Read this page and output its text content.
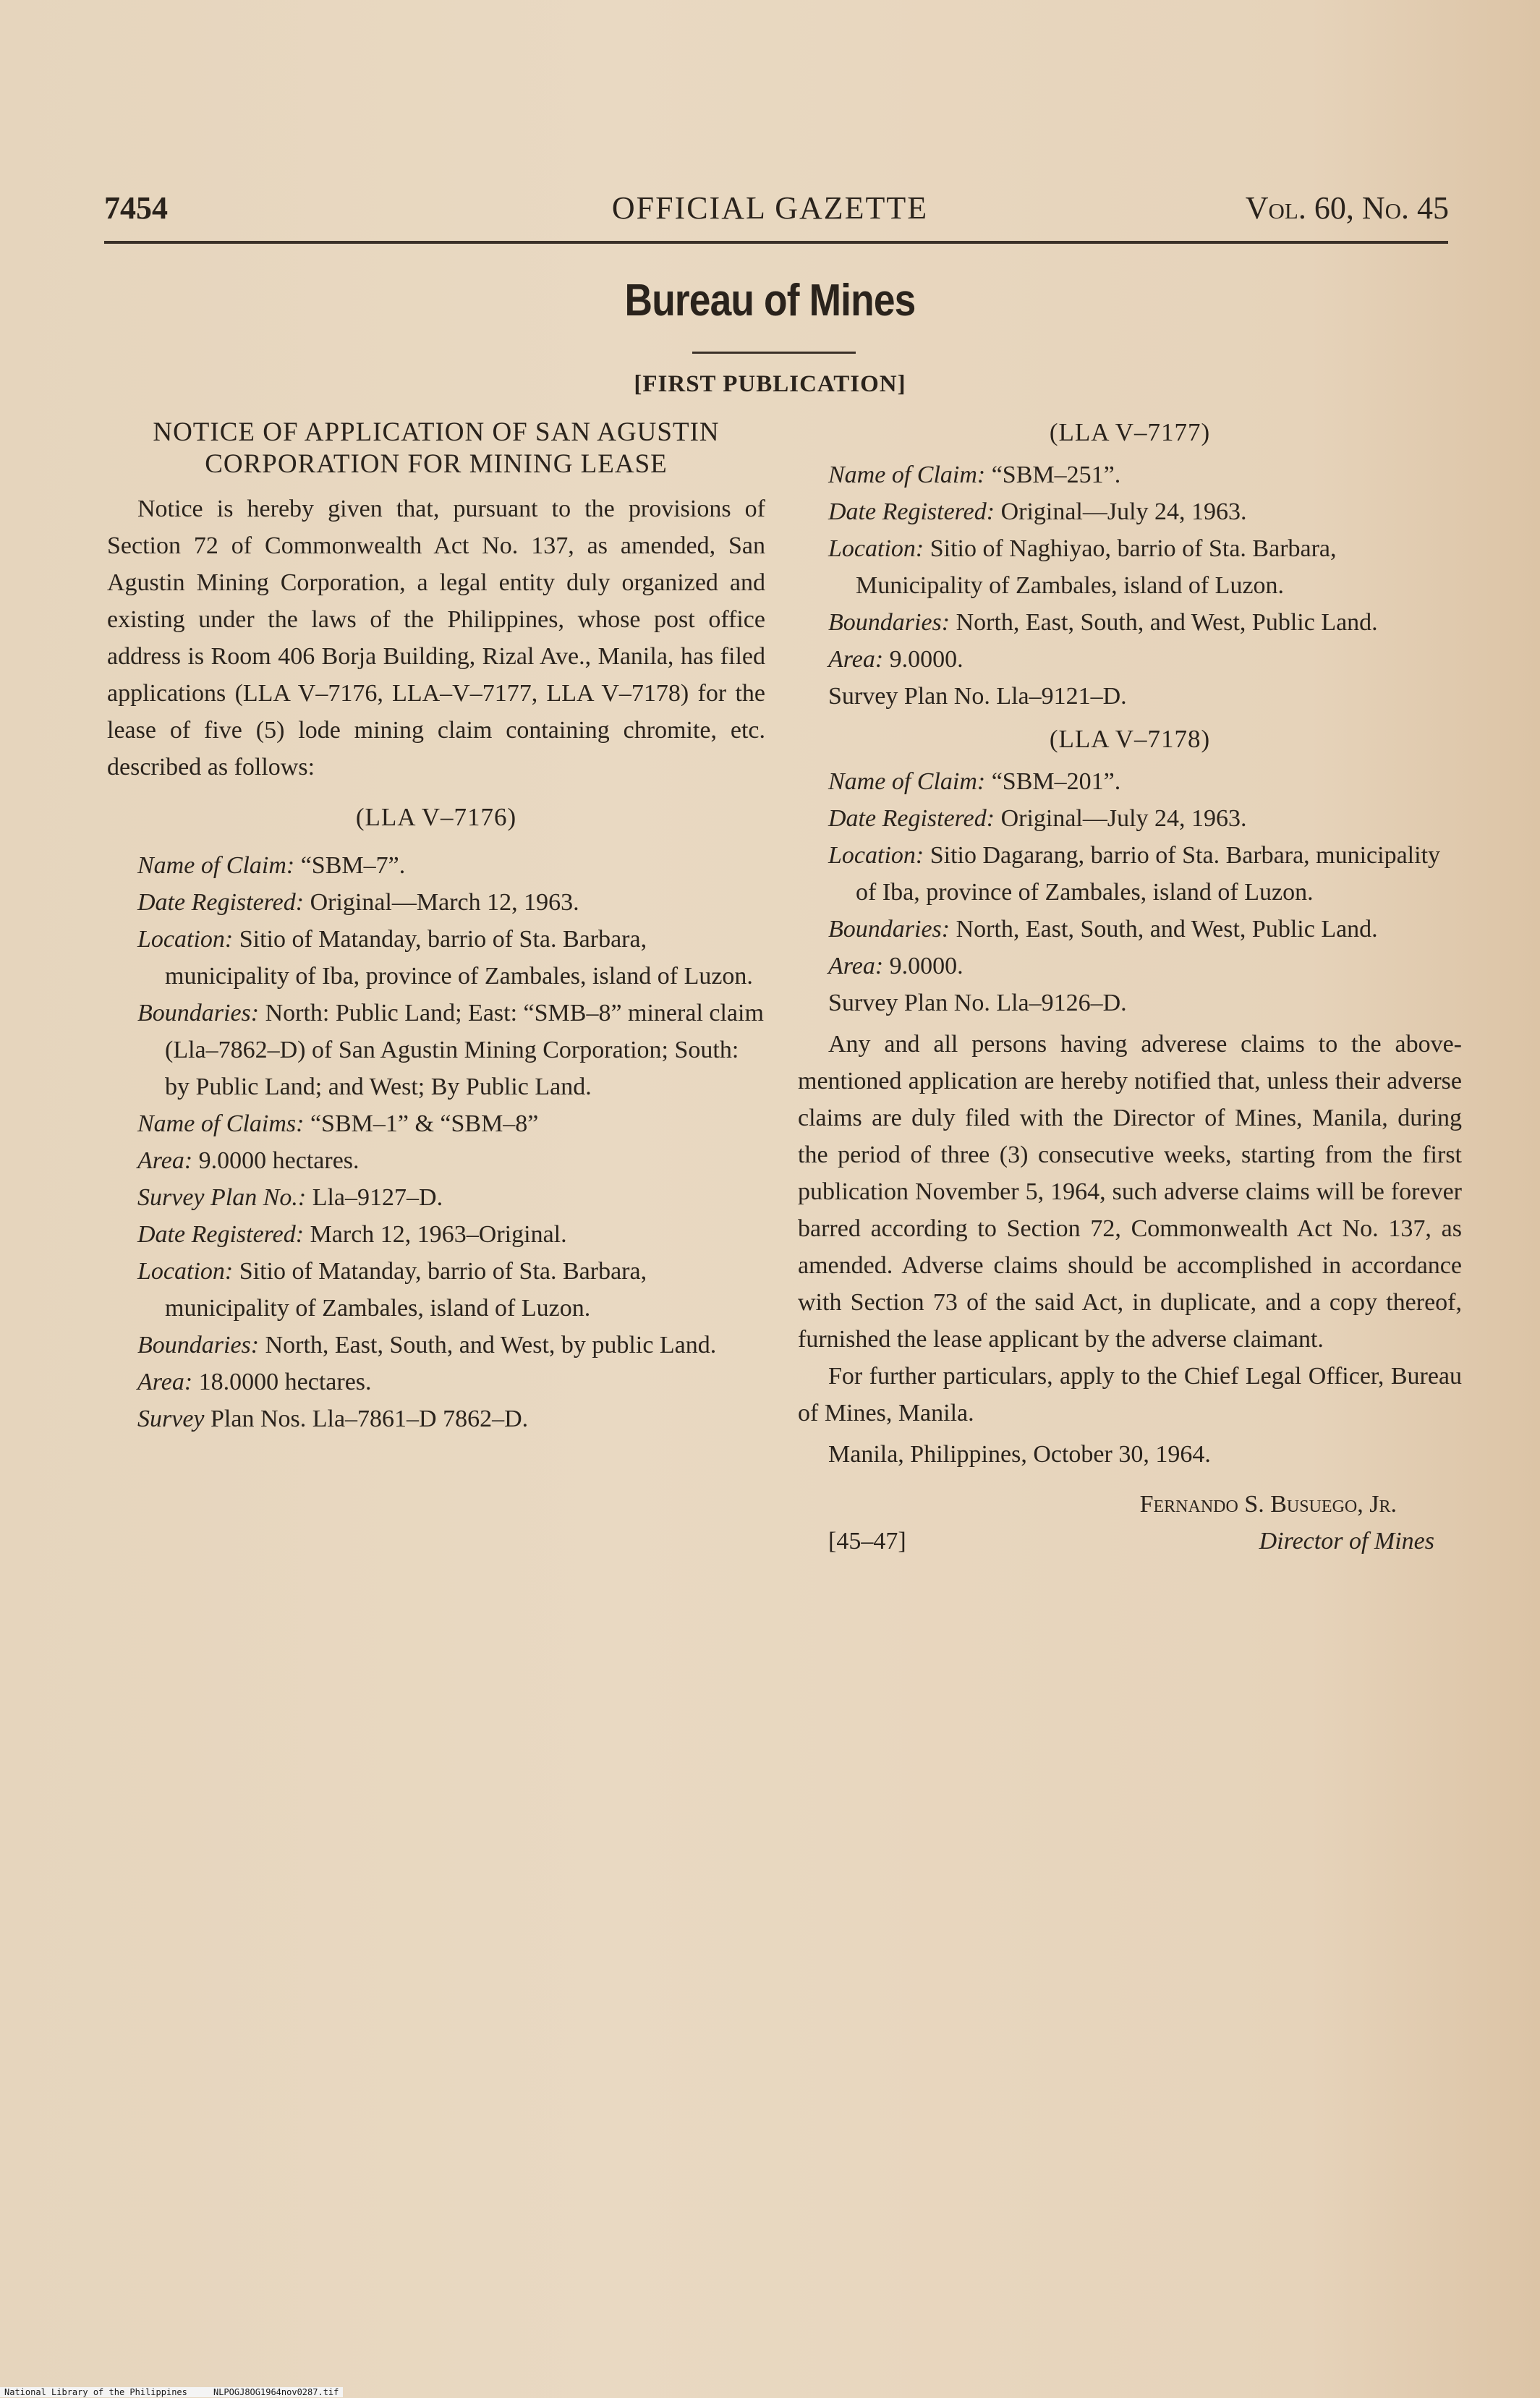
7454	OFFICIAL GAZETTE	Vol. 60, No. 45
Bureau of Mines
[FIRST PUBLICATION]
NOTICE OF APPLICATION OF SAN AGUSTIN
CORPORATION FOR MINING LEASE

Notice is hereby given that, pursuant to the provisions of Section 72 of Commonwealth Act No. 137, as amended, San Agustin Mining Corporation, a legal entity duly organized and existing under the laws of the Philippines, whose post office address is Room 406 Borja Building, Rizal Ave., Manila, has filed applications (LLA V–7176, LLA–V–7177, LLA V–7178) for the lease of five (5) lode mining claim containing chromite, etc. described as follows:

(LLA V–7176)

Name of Claim: “SBM–7”.

Date Registered: Original—March 12, 1963.

Location: Sitio of Matanday, barrio of Sta. Barbara, municipality of Iba, province of Zambales, island of Luzon.

Boundaries: North: Public Land; East: “SMB–8” mineral claim (Lla–7862–D) of San Agustin Mining Corporation; South: by Public Land; and West; By Public Land.

Name of Claims: “SBM–1” & “SBM–8”

Area: 9.0000 hectares.

Survey Plan No.: Lla–9127–D.

Date Registered: March 12, 1963–Original.

Location: Sitio of Matanday, barrio of Sta. Barbara, municipality of Zambales, island of Luzon.

Boundaries: North, East, South, and West, by public Land.

Area: 18.0000 hectares.

Survey Plan Nos. Lla–7861–D 7862–D.

(LLA V–7177)

Name of Claim: “SBM–251”.

Date Registered: Original—July 24, 1963.

Location: Sitio of Naghiyao, barrio of Sta. Barbara, Municipality of Zambales, island of Luzon.

Boundaries: North, East, South, and West, Public Land.

Area: 9.0000.

Survey Plan No. Lla–9121–D.

(LLA V–7178)

Name of Claim: “SBM–201”.

Date Registered: Original—July 24, 1963.

Location: Sitio Dagarang, barrio of Sta. Barbara, municipality of Iba, province of Zambales, island of Luzon.

Boundaries: North, East, South, and West, Public Land.

Area: 9.0000.

Survey Plan No. Lla–9126–D.

Any and all persons having adverese claims to the above-mentioned application are hereby notified that, unless their adverse claims are duly filed with the Director of Mines, Manila, during the period of three (3) consecutive weeks, starting from the first publication November 5, 1964, such adverse claims will be forever barred according to Section 72, Commonwealth Act No. 137, as amended. Adverse claims should be accomplished in accordance with Section 73 of the said Act, in duplicate, and a copy thereof, furnished the lease applicant by the adverse claimant.

For further particulars, apply to the Chief Legal Officer, Bureau of Mines, Manila.

Manila, Philippines, October 30, 1964.

Fernando S. Busuego, Jr.

[45–47]	Director of Mines
National Library of the Philippines     NLPOGJ8OG1964nov0287.tif
